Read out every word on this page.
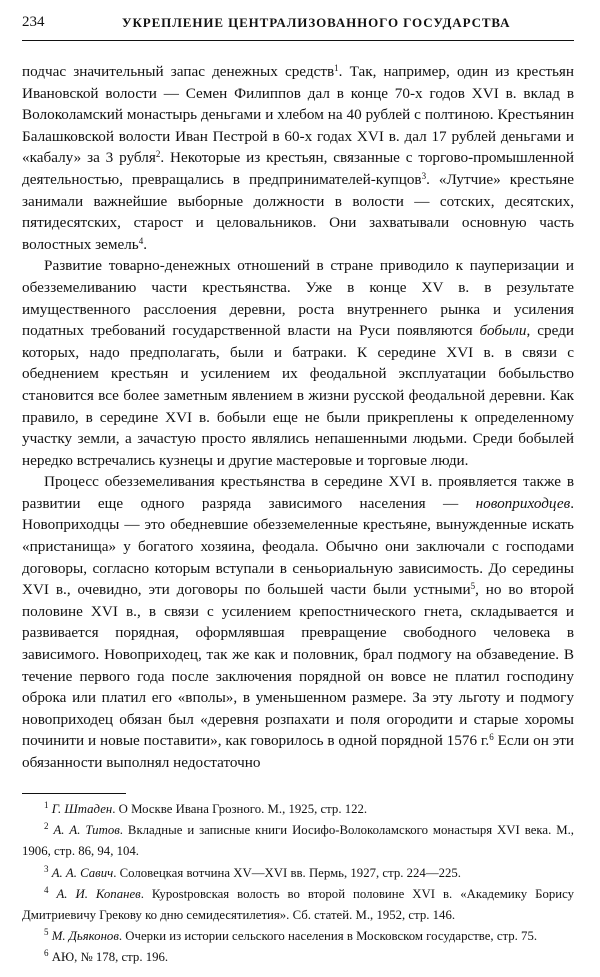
234	УКРЕПЛЕНИЕ ЦЕНТРАЛИЗОВАННОГО ГОСУДАРСТВА

подчас значительный запас денежных средств$^1$. Так, например, один из крестьян Ивановской волости — Семен Филиппов дал в конце 70-х годов XVI в. вклад в Волоколамский монастырь деньгами и хлебом на 40 рублей с полтиною. Крестьянин Балашковской волости Иван Пестрой в 60-х годах XVI в. дал 17 рублей деньгами и «кабалу» за 3 рубля$^2$. Некоторые из крестьян, связанные с торгово-промышленной деятельностью, превращались в предпринимателей-купцов$^3$. «Лутчие» крестьяне занимали важнейшие выборные должности в волости — сотских, десятских, пятидесятских, старост и целовальников. Они захватывали основную часть волостных земель$^4$.

Развитие товарно-денежных отношений в стране приводило к пауперизации и обезземеливанию части крестьянства. Уже в конце XV в. в результате имущественного расслоения деревни, роста внутреннего рынка и усиления податных требований государственной власти на Руси появляются бобыли, среди которых, надо предполагать, были и батраки. К середине XVI в. в связи с обеднением крестьян и усилением их феодальной эксплуатации бобыльство становится все более заметным явлением в жизни русской феодальной деревни. Как правило, в середине XVI в. бобыли еще не были прикреплены к определенному участку земли, а зачастую просто являлись непашенными людьми. Среди бобылей нередко встречались кузнецы и другие мастеровые и торговые люди.

Процесс обезземеливания крестьянства в середине XVI в. проявляется также в развитии еще одного разряда зависимого населения — новоприходцев. Новоприходцы — это обедневшие обезземеленные крестьяне, вынужденные искать «пристанища» у богатого хозяина, феодала. Обычно они заключали с господами договоры, согласно которым вступали в сеньориальную зависимость. До середины XVI в., очевидно, эти договоры по большей части были устными$^5$, но во второй половине XVI в., в связи с усилением крепостнического гнета, складывается и развивается порядная, оформлявшая превращение свободного человека в зависимого. Новоприходец, так же как и половник, брал подмогу на обзаведение. В течение первого года после заключения порядной он вовсе не платил господину оброка или платил его «вполы», в уменьшенном размере. За эту льготу и подмогу новоприходец обязан был «деревня розпахати и поля огородити и старые хоромы починити и новые поставити», как говорилось в одной порядной 1576 г.$^6$ Если он эти обязанности выполнял недостаточно

$^1$ Г. Штаден. О Москве Ивана Грозного. М., 1925, стр. 122.

$^2$ А. А. Титов. Вкладные и записные книги Иосифо-Волоколамского монастыря XVI века. М., 1906, стр. 86, 94, 104.

$^3$ А. А. Савич. Соловецкая вотчина XV—XVI вв. Пермь, 1927, стр. 224—225.

$^4$ А. И. Копанев. Курostровская волость во второй половине XVI в. «Академику Борису Дмитриевичу Грекову ко дню семидесятилетия». Сб. статей. М., 1952, стр. 146.

$^5$ М. Дьяконов. Очерки из истории сельского населения в Московском государстве, стр. 75.

$^6$ АЮ, № 178, стр. 196.
